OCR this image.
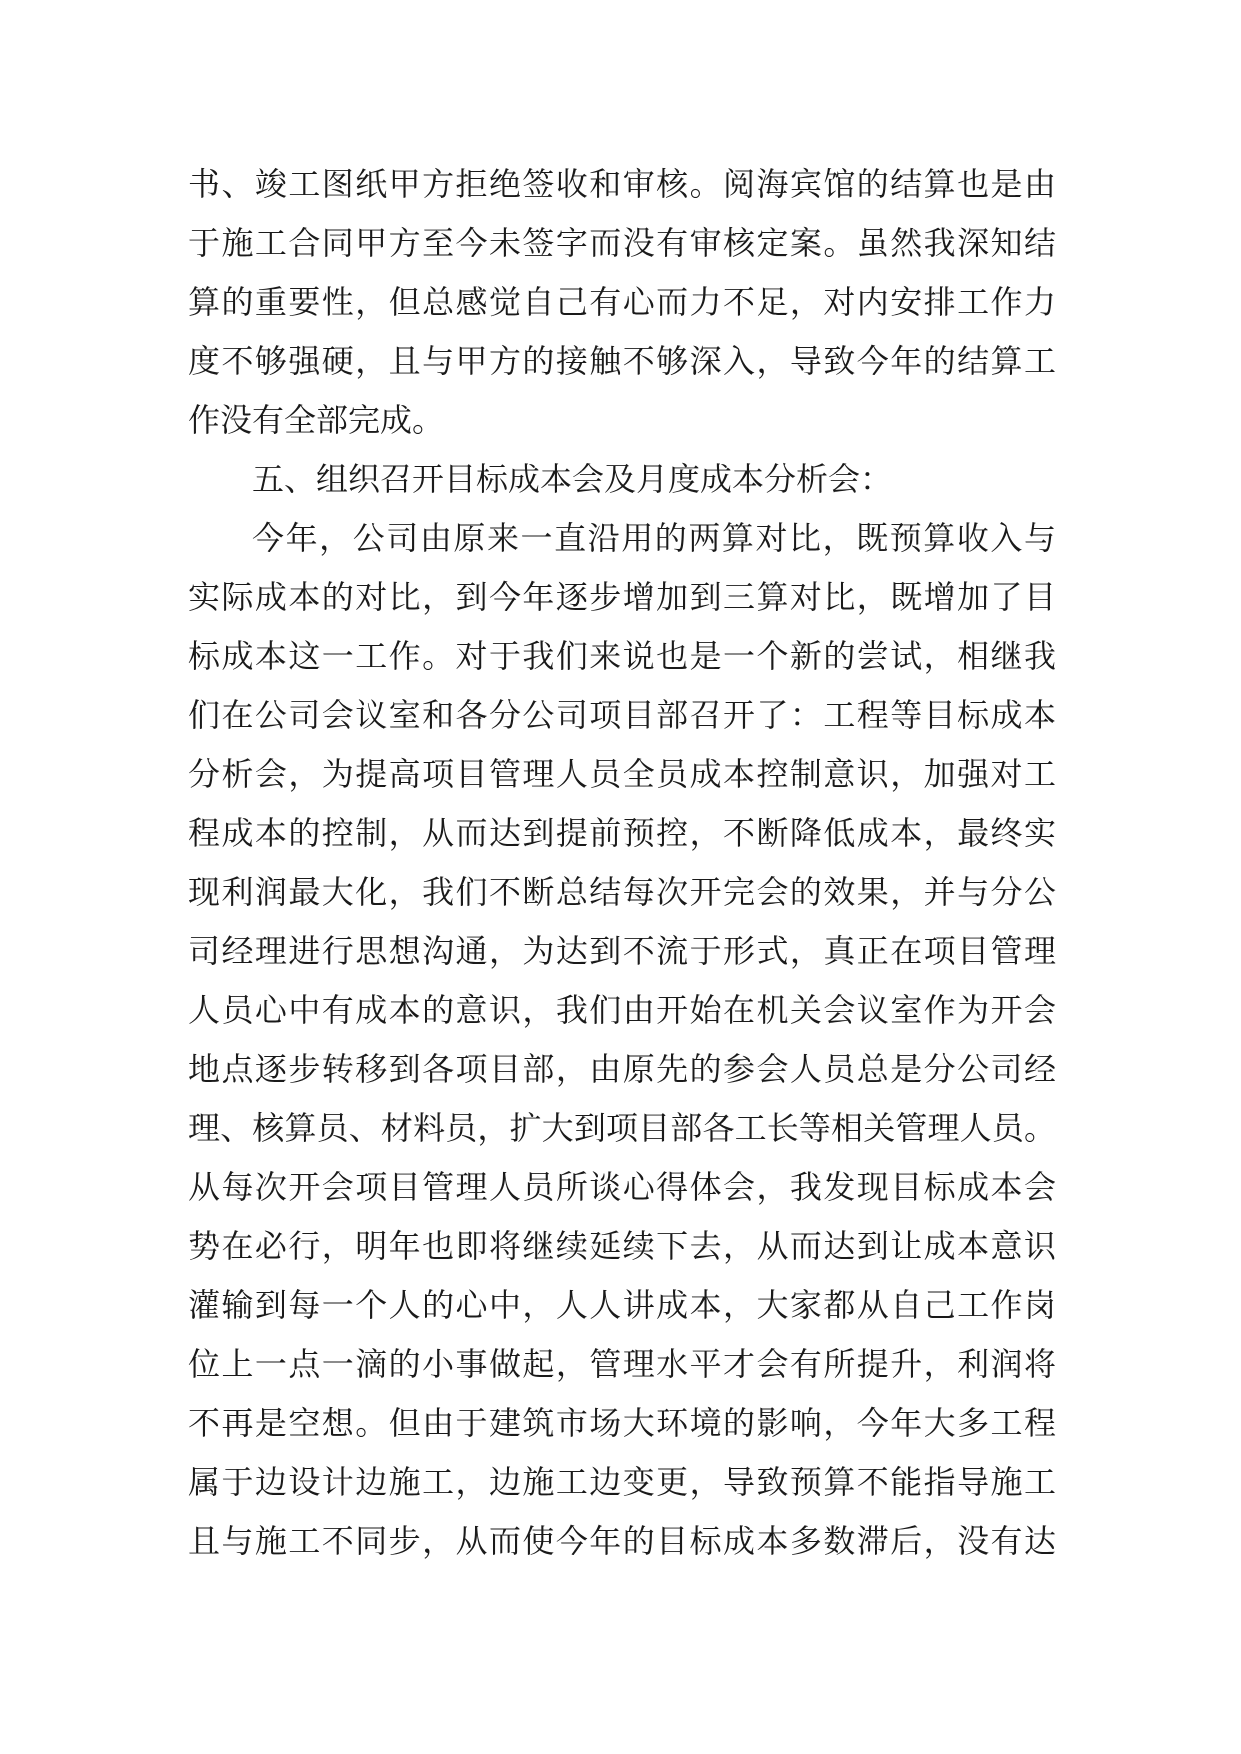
书、竣工图纸甲方拒绝签收和审核。阅海宾馆的结算也是由
于施工合同甲方至今未签字而没有审核定案。虽然我深知结
算的重要性，但总感觉自己有心而力不足，对内安排工作力
度不够强硬，且与甲方的接触不够深入，导致今年的结算工
作没有全部完成。
五、组织召开目标成本会及月度成本分析会：
今年，公司由原来一直沿用的两算对比，既预算收入与
实际成本的对比，到今年逐步增加到三算对比，既增加了目
标成本这一工作。对于我们来说也是一个新的尝试，相继我
们在公司会议室和各分公司项目部召开了：工程等目标成本
分析会，为提高项目管理人员全员成本控制意识，加强对工
程成本的控制，从而达到提前预控，不断降低成本，最终实
现利润最大化，我们不断总结每次开完会的效果，并与分公
司经理进行思想沟通，为达到不流于形式，真正在项目管理
人员心中有成本的意识，我们由开始在机关会议室作为开会
地点逐步转移到各项目部，由原先的参会人员总是分公司经
理、核算员、材料员，扩大到项目部各工长等相关管理人员。
从每次开会项目管理人员所谈心得体会，我发现目标成本会
势在必行，明年也即将继续延续下去，从而达到让成本意识
灌输到每一个人的心中，人人讲成本，大家都从自己工作岗
位上一点一滴的小事做起，管理水平才会有所提升，利润将
不再是空想。但由于建筑市场大环境的影响，今年大多工程
属于边设计边施工，边施工边变更，导致预算不能指导施工
且与施工不同步，从而使今年的目标成本多数滞后，没有达
